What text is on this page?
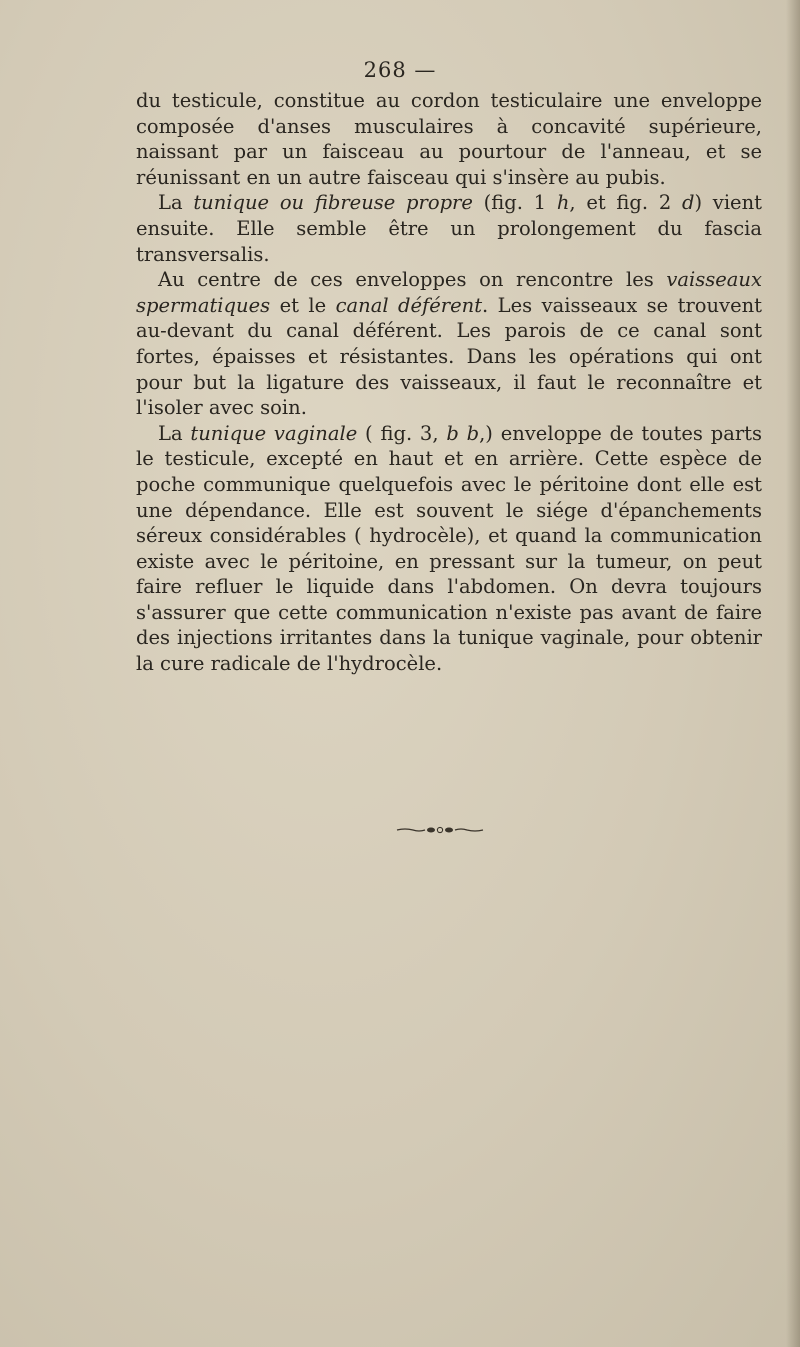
268 —

du testicule, constitue au cordon testiculaire une enveloppe composée d'anses musculaires à concavité supérieure, naissant par un faisceau au pourtour de l'anneau, et se réunissant en un autre faisceau qui s'insère au pubis.

La tunique ou fibreuse propre (fig. 1 h, et fig. 2 d) vient ensuite. Elle semble être un prolongement du fascia transversalis.

Au centre de ces enveloppes on rencontre les vaisseaux spermatiques et le canal déférent. Les vaisseaux se trouvent au-devant du canal déférent. Les parois de ce canal sont fortes, épaisses et résistantes. Dans les opérations qui ont pour but la ligature des vaisseaux, il faut le reconnaître et l'isoler avec soin.

La tunique vaginale ( fig. 3, b b,) enveloppe de toutes parts le testicule, excepté en haut et en arrière. Cette espèce de poche communique quelquefois avec le péritoine dont elle est une dépendance. Elle est souvent le siége d'épanchements séreux considérables ( hydrocèle), et quand la communication existe avec le péritoine, en pressant sur la tumeur, on peut faire refluer le liquide dans l'abdomen. On devra toujours s'assurer que cette communication n'existe pas avant de faire des injections irritantes dans la tunique vaginale, pour obtenir la cure radicale de l'hydrocèle.
